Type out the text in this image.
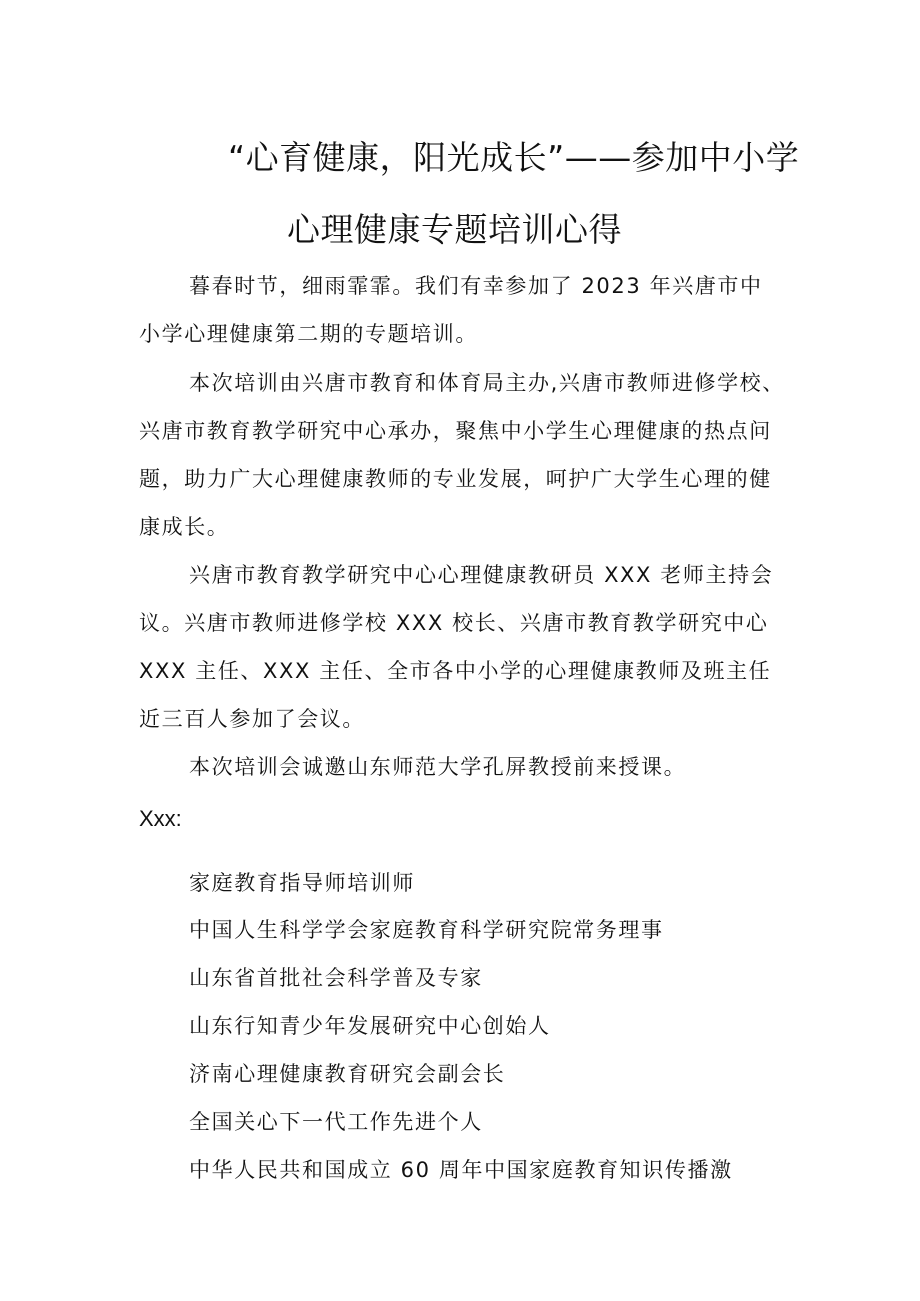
“心育健康，阳光成长”——参加中小学
心理健康专题培训心得
暮春时节，细雨霏霏。我们有幸参加了 2023 年兴唐市中
小学心理健康第二期的专题培训。
本次培训由兴唐市教育和体育局主办,兴唐市教师进修学校、
兴唐市教育教学研究中心承办，聚焦中小学生心理健康的热点问
题，助力广大心理健康教师的专业发展，呵护广大学生心理的健
康成长。
兴唐市教育教学研究中心心理健康教研员 XXX 老师主持会
议。兴唐市教师进修学校 XXX 校长、兴唐市教育教学研究中心
XXX 主任、XXX 主任、全市各中小学的心理健康教师及班主任
近三百人参加了会议。
本次培训会诚邀山东师范大学孔屏教授前来授课。
Xxx:
家庭教育指导师培训师
中国人生科学学会家庭教育科学研究院常务理事
山东省首批社会科学普及专家
山东行知青少年发展研究中心创始人
济南心理健康教育研究会副会长
全国关心下一代工作先进个人
中华人民共和国成立 60 周年中国家庭教育知识传播激
